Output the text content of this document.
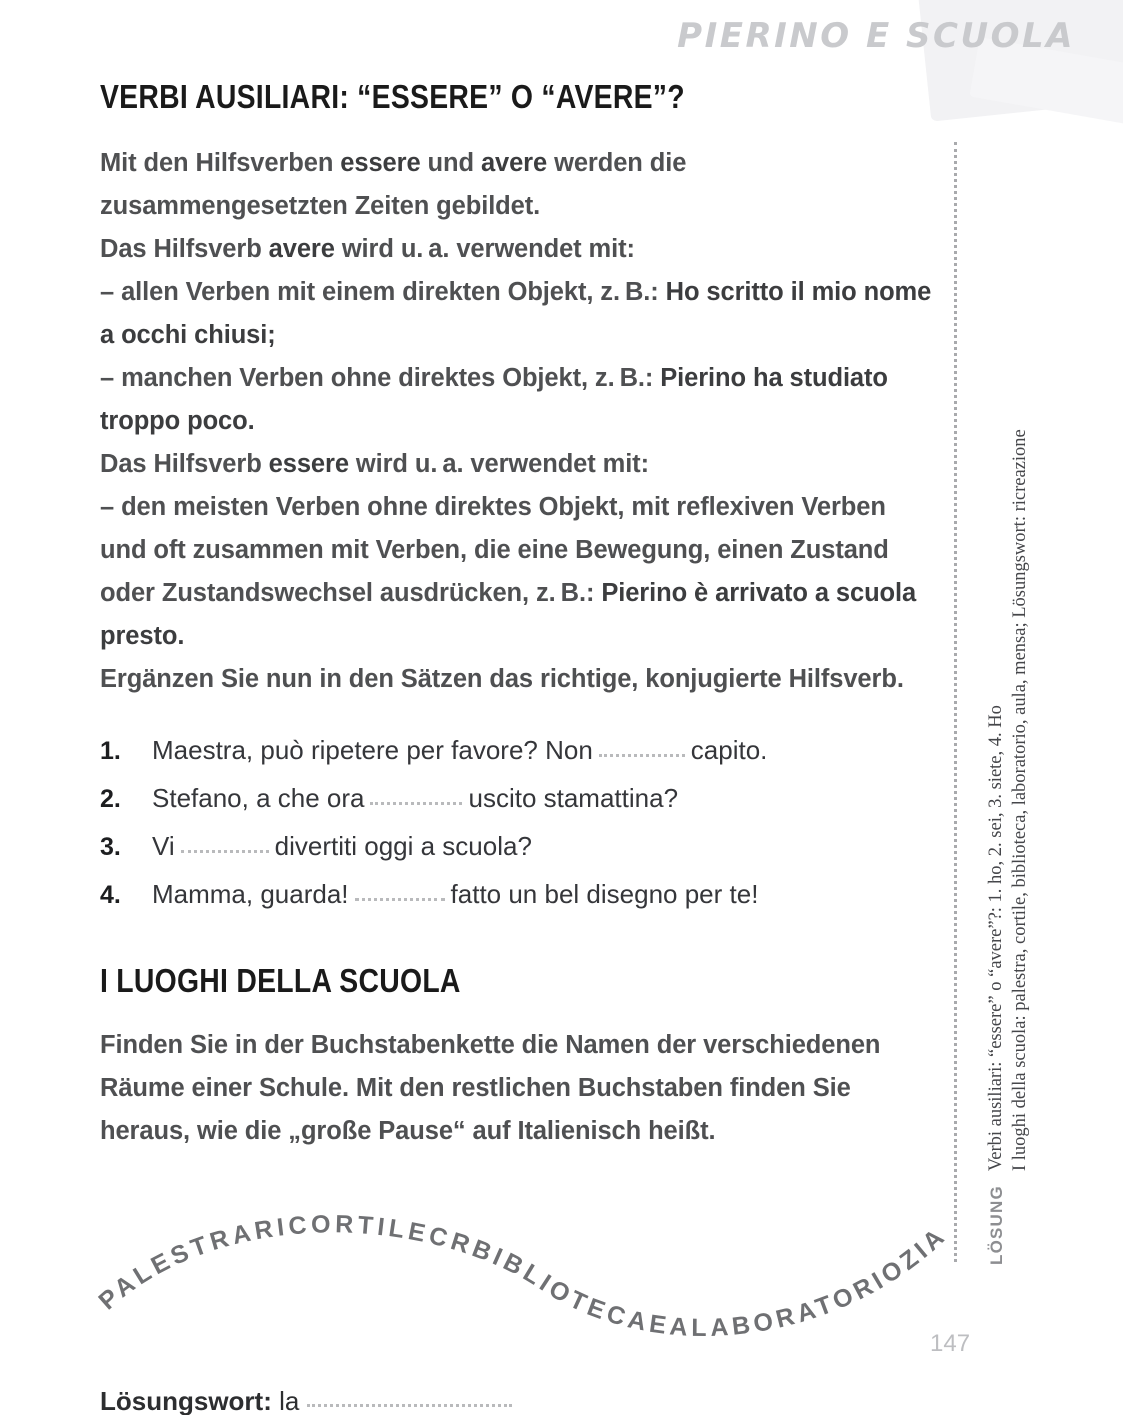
PIERINO E SCUOLA
VERBI AUSILIARI: “ESSERE” O “AVERE”?

Mit den Hilfsverben essere und avere werden die zusammengesetzten Zeiten gebildet.

Das Hilfsverb avere wird u. a. verwendet mit:

– allen Verben mit einem direkten Objekt, z. B.: Ho scritto il mio nome a occhi chiusi;

– manchen Verben ohne direktes Objekt, z. B.: Pierino ha studiato troppo poco.

Das Hilfsverb essere wird u. a. verwendet mit:

– den meisten Verben ohne direktes Objekt, mit reflexiven Verben und oft zusammen mit Verben, die eine Bewegung, einen Zustand oder Zustandswechsel ausdrücken, z. B.: Pierino è arrivato a scuola presto.

Ergänzen Sie nun in den Sätzen das richtige, konjugierte Hilfsverb.

1.	Maestra, può ripetere per favore? Non	capito.
2.	Stefano, a che ora	uscito stamattina?
3.	Vi	divertiti oggi a scuola?
4.	Mamma, guarda!	fatto un bel disegno per te!
I LUOGHI DELLA SCUOLA

Finden Sie in der Buchstabenkette die Namen der verschiedenen Räume einer Schule. Mit den restlichen Buchstaben finden Sie heraus, wie die „große Pause“ auf Italienisch heißt.

PALESTRARICORTILECRBIBLIOTECAEALABORATORIOZIAULAONMENSAE
Lösungswort: la
LÖSUNG
Verbi ausiliari: “essere” o “avere”?: 1. ho, 2. sei, 3. siete, 4. Ho I luoghi della scuola: palestra, cortile, biblioteca, laboratorio, aula, mensa; Lösungswort: ricreazione
147
